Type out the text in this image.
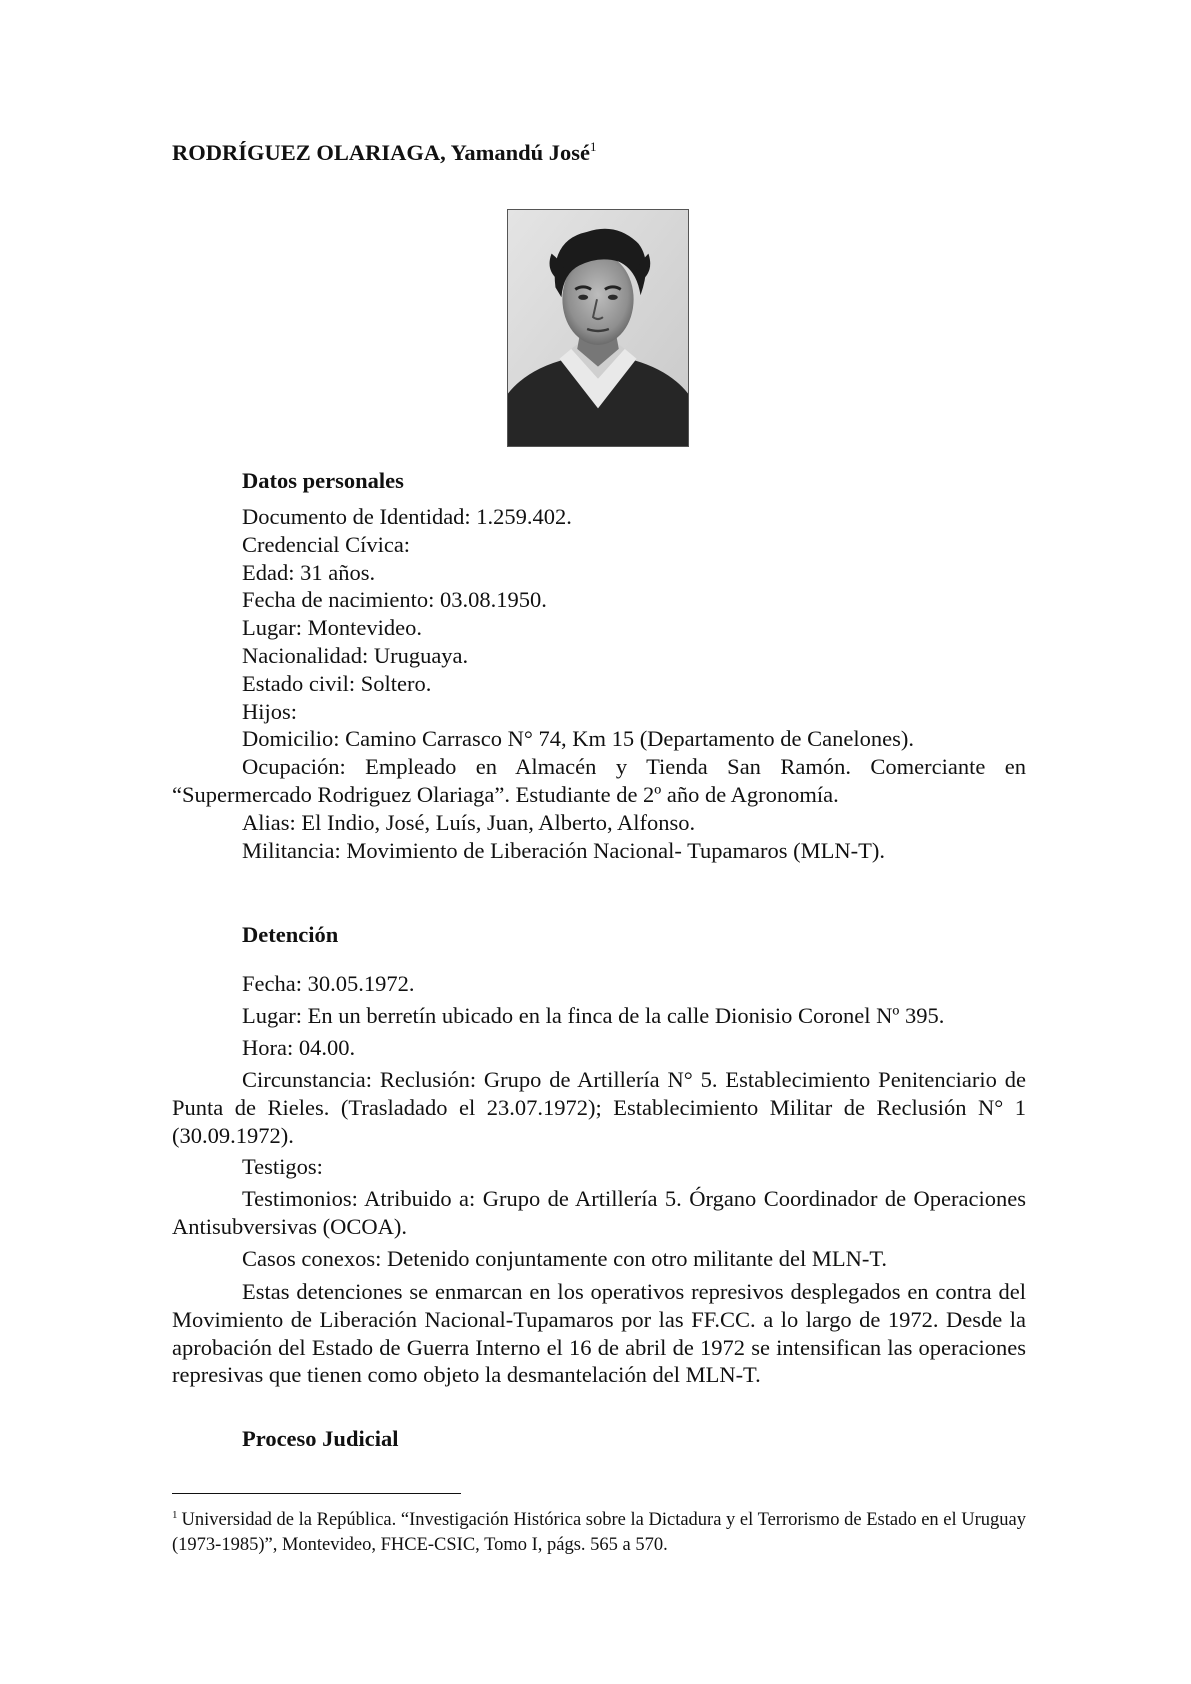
RODRÍGUEZ OLARIAGA, Yamandú José$^1$
Datos personales
Documento de Identidad: 1.259.402.
Credencial Cívica:
Edad: 31 años.
Fecha de nacimiento: 03.08.1950.
Lugar: Montevideo.
Nacionalidad: Uruguaya.
Estado civil: Soltero.
Hijos:
Domicilio: Camino Carrasco N° 74, Km 15 (Departamento de Canelones).
Ocupación: Empleado en Almacén y Tienda San Ramón. Comerciante en
“Supermercado Rodriguez Olariaga”. Estudiante de 2º año de Agronomía.
Alias: El Indio, José, Luís, Juan, Alberto, Alfonso.
Militancia: Movimiento de Liberación Nacional- Tupamaros (MLN-T).
Detención
Fecha: 30.05.1972.
Lugar: En un berretín ubicado en la finca de la calle Dionisio Coronel Nº 395.
Hora: 04.00.
Circunstancia: Reclusión: Grupo de Artillería N° 5. Establecimiento Penitenciario de Punta de Rieles. (Trasladado el 23.07.1972); Establecimiento Militar de Reclusión N° 1 (30.09.1972).
Testigos:
Testimonios: Atribuido a: Grupo de Artillería 5. Órgano Coordinador de Operaciones Antisubversivas (OCOA).
Casos conexos: Detenido conjuntamente con otro militante del MLN-T.
Estas detenciones se enmarcan en los operativos represivos desplegados en contra del Movimiento de Liberación Nacional-Tupamaros por las FF.CC. a lo largo de 1972. Desde la aprobación del Estado de Guerra Interno el 16 de abril de 1972 se intensifican las operaciones represivas que tienen como objeto la desmantelación del MLN-T.
Proceso Judicial
$^1$ Universidad de la República. “Investigación Histórica sobre la Dictadura y el Terrorismo de Estado en el Uruguay (1973-1985)”, Montevideo, FHCE-CSIC, Tomo I, págs. 565 a 570.
